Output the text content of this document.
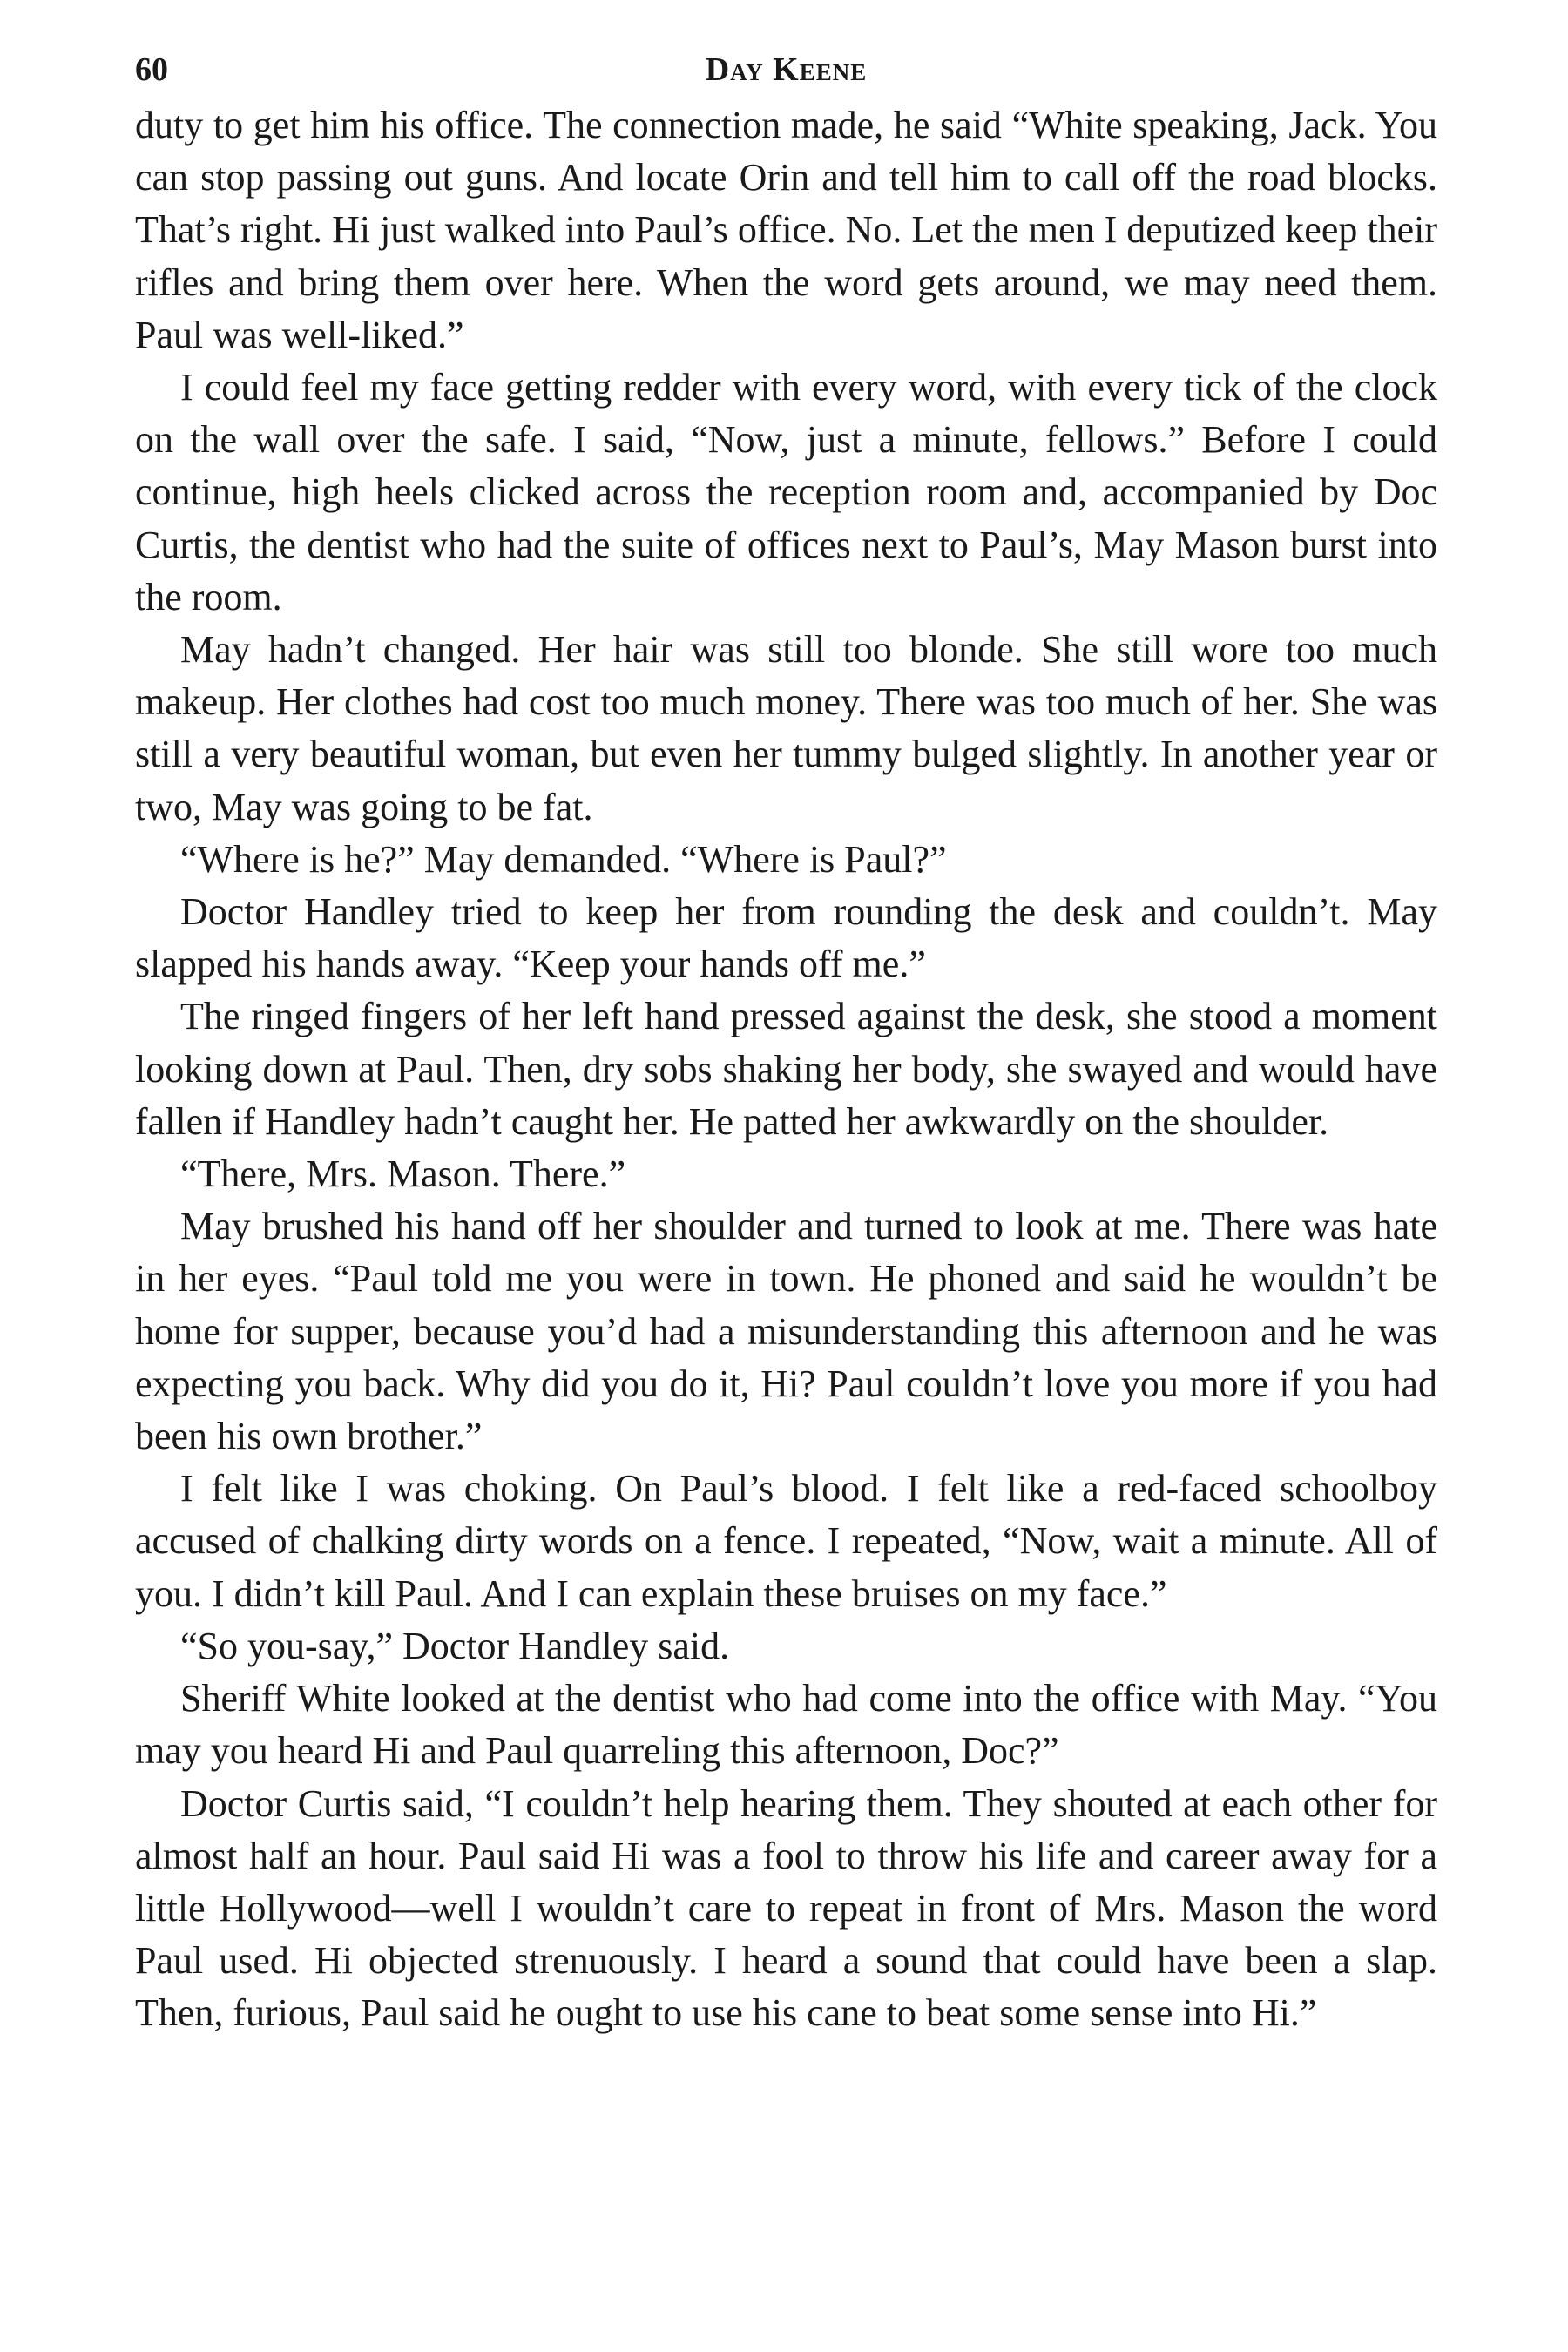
60	Day Keene

duty to get him his office. The connection made, he said “White speaking, Jack. You can stop passing out guns. And locate Orin and tell him to call off the road blocks. That’s right. Hi just walked into Paul’s office. No. Let the men I deputized keep their rifles and bring them over here. When the word gets around, we may need them. Paul was well-liked.”

I could feel my face getting redder with every word, with every tick of the clock on the wall over the safe. I said, “Now, just a minute, fellows.” Before I could continue, high heels clicked across the reception room and, accompanied by Doc Curtis, the dentist who had the suite of offices next to Paul’s, May Mason burst into the room.

May hadn’t changed. Her hair was still too blonde. She still wore too much makeup. Her clothes had cost too much money. There was too much of her. She was still a very beautiful woman, but even her tummy bulged slightly. In another year or two, May was going to be fat.

“Where is he?” May demanded. “Where is Paul?”

Doctor Handley tried to keep her from rounding the desk and couldn’t. May slapped his hands away. “Keep your hands off me.”

The ringed fingers of her left hand pressed against the desk, she stood a moment looking down at Paul. Then, dry sobs shaking her body, she swayed and would have fallen if Handley hadn’t caught her. He patted her awkwardly on the shoulder.

“There, Mrs. Mason. There.”

May brushed his hand off her shoulder and turned to look at me. There was hate in her eyes. “Paul told me you were in town. He phoned and said he wouldn’t be home for supper, because you’d had a misunderstanding this afternoon and he was expecting you back. Why did you do it, Hi? Paul couldn’t love you more if you had been his own brother.”

I felt like I was choking. On Paul’s blood. I felt like a red-faced schoolboy accused of chalking dirty words on a fence. I repeated, “Now, wait a minute. All of you. I didn’t kill Paul. And I can explain these bruises on my face.”

“So you-say,” Doctor Handley said.

Sheriff White looked at the dentist who had come into the office with May. “You may you heard Hi and Paul quarreling this afternoon, Doc?”

Doctor Curtis said, “I couldn’t help hearing them. They shouted at each other for almost half an hour. Paul said Hi was a fool to throw his life and career away for a little Hollywood—well I wouldn’t care to repeat in front of Mrs. Mason the word Paul used. Hi objected strenuously. I heard a sound that could have been a slap. Then, furious, Paul said he ought to use his cane to beat some sense into Hi.”
